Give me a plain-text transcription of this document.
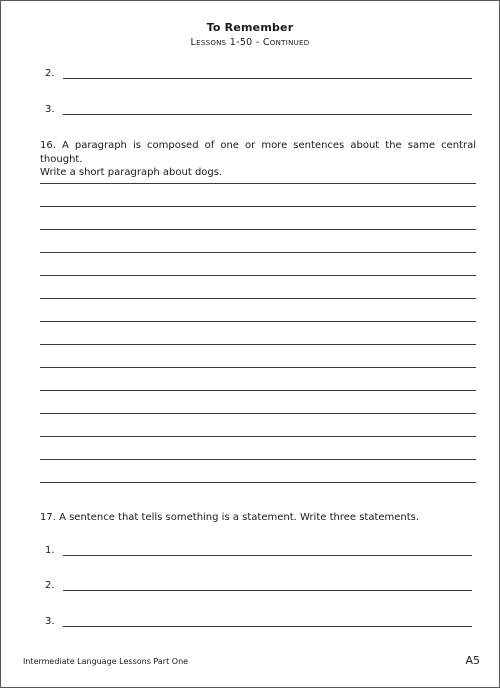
To Remember
Lessons 1-50 - Continued
2.
3.
16. A paragraph is composed of one or more sentences about the same central thought.
Write a short paragraph about dogs.
17. A sentence that tells something is a statement. Write three statements.
1.
2.
3.
Intermediate Language Lessons Part One	A5
